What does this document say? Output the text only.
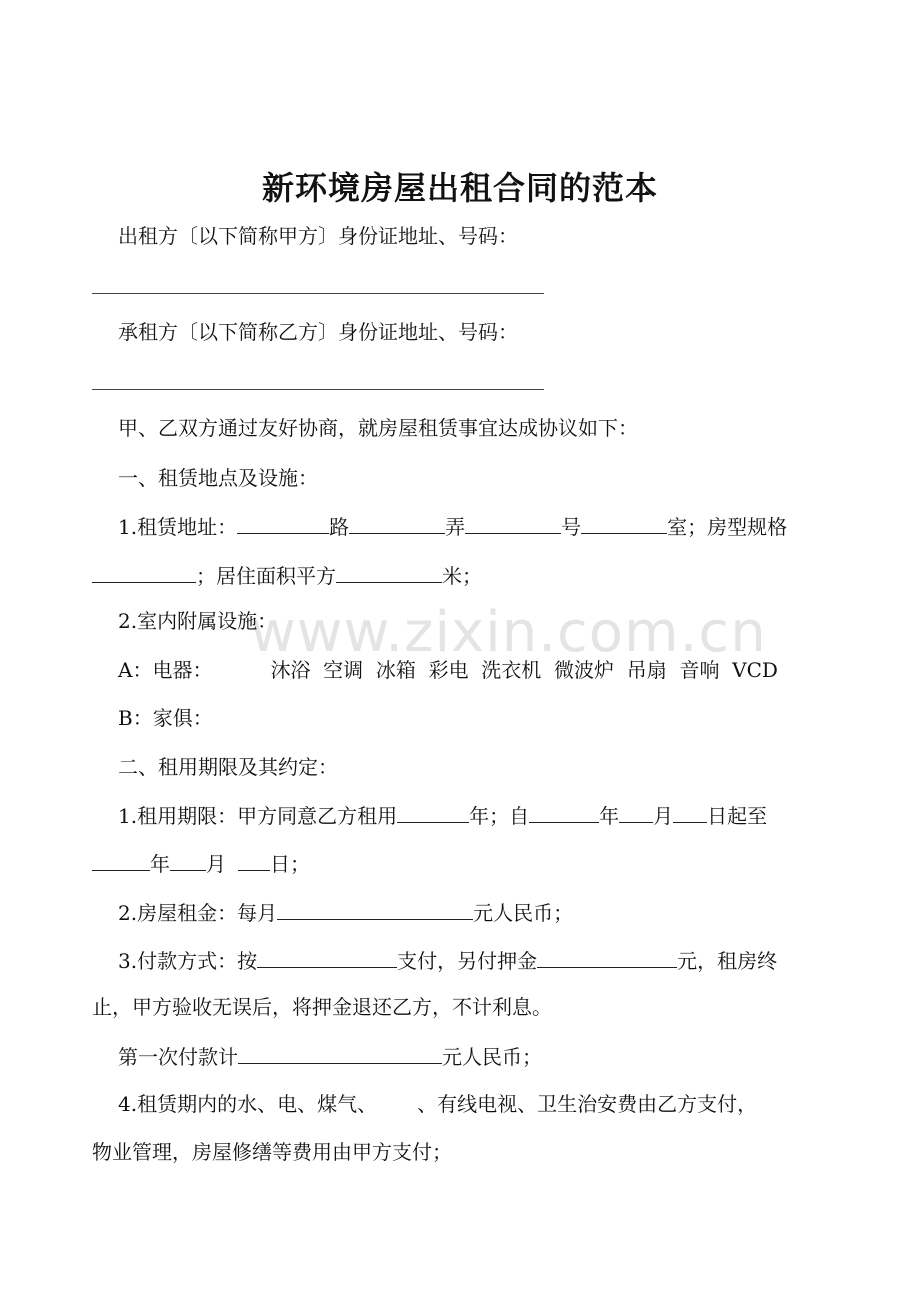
www.zixin.com.cn
新环境房屋出租合同的范本
出租方〔以下简称甲方〕身份证地址、号码：
承租方〔以下简称乙方〕身份证地址、号码：
甲、乙双方通过友好协商，就房屋租赁事宜达成协议如下：
一、租赁地点及设施：
1.租赁地址：	路	弄	号	室；房型规格
；居住面积平方	米；
2.室内附属设施：
A：电器：	沐浴  空调  冰箱  彩电  洗衣机  微波炉  吊扇  音响  VCD
B：家俱：
二、租用期限及其约定：
1.租用期限：甲方同意乙方租用	年；自	年 月 日起至
年 月 日；
2.房屋租金：每月	元人民币；
3.付款方式：按	支付，另付押金	元，租房终
止，甲方验收无误后，将押金退还乙方，不计利息。
第一次付款计	元人民币；
4.租赁期内的水、电、煤气、 、有线电视、卫生治安费由乙方支付，
物业管理，房屋修缮等费用由甲方支付；
